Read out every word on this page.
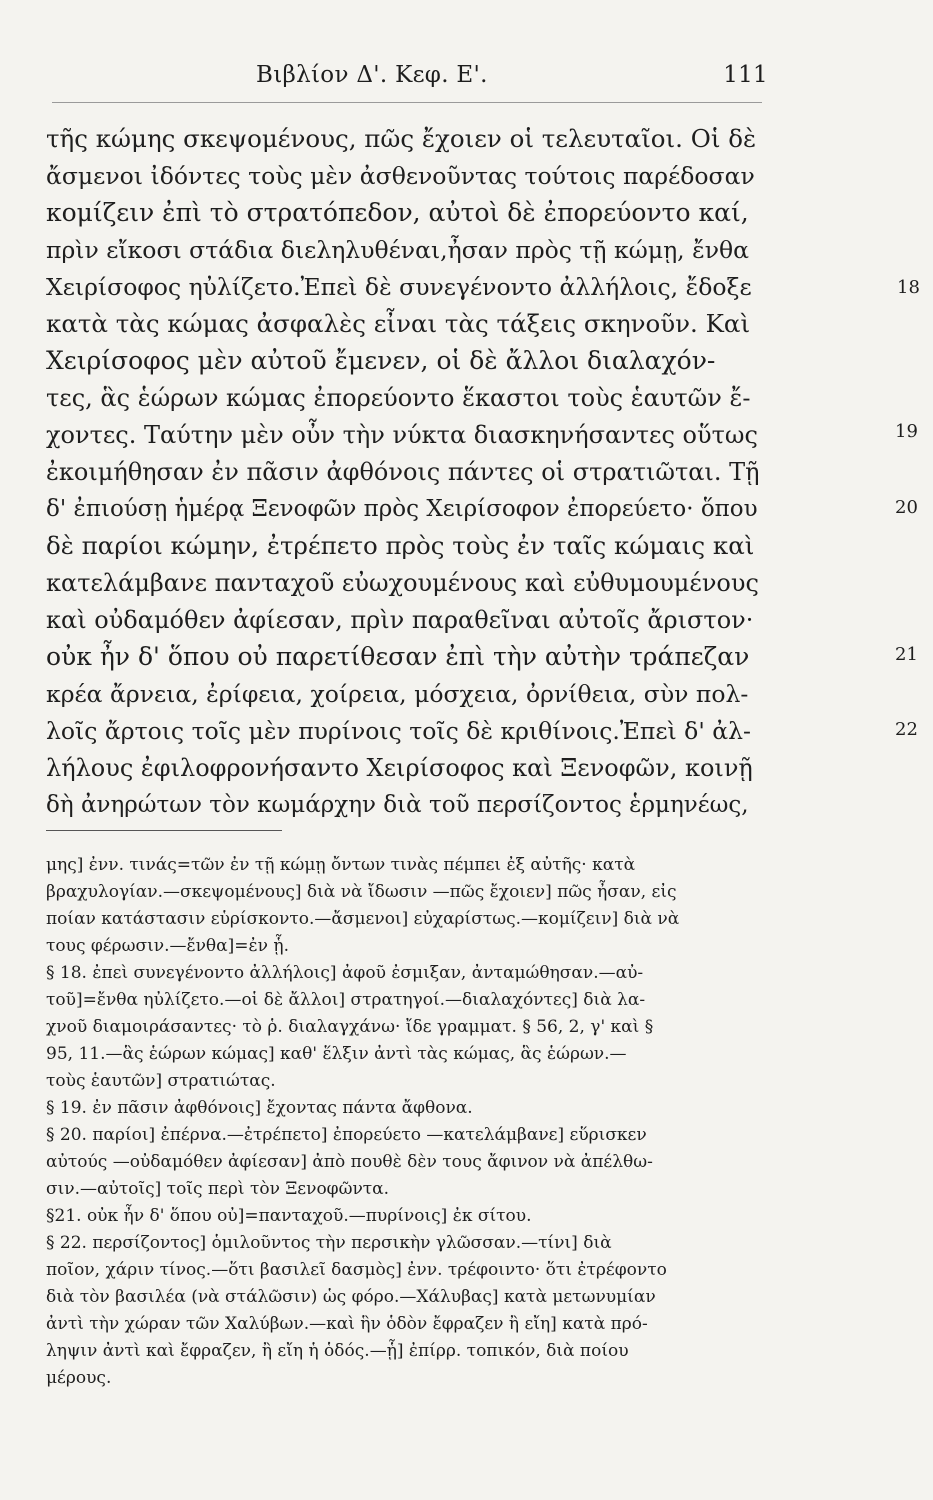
Βιβλίον Δ'. Κεφ. Ε'.	111
τῆς κώμης σκεψομένους, πῶς ἔχοιεν οἱ τελευταῖοι. Οἱ δὲ
ἄσμενοι ἰδόντες τοὺς μὲν ἀσθενοῦντας τούτοις παρέδοσαν
κομίζειν ἐπὶ τὸ στρατόπεδον, αὐτοὶ δὲ ἐπορεύοντο καί,
πρὶν εἴκοσι στάδια διεληλυθέναι,ἦσαν πρὸς τῇ κώμῃ, ἔνθα
Χειρίσοφος ηὐλίζετο.Ἐπεὶ δὲ συνεγένοντο ἀλλήλοις, ἔδοξε
κατὰ τὰς κώμας ἀσφαλὲς εἶναι τὰς τάξεις σκηνοῦν. Καὶ
Χειρίσοφος μὲν αὐτοῦ ἔμενεν, οἱ δὲ ἄλλοι διαλαχόν-
τες, ἃς ἑώρων κώμας ἐπορεύοντο ἕκαστοι τοὺς ἑαυτῶν ἔ-
χοντες. Ταύτην μὲν οὖν τὴν νύκτα διασκηνήσαντες οὕτως
ἐκοιμήθησαν ἐν πᾶσιν ἀφθόνοις πάντες οἱ στρατιῶται. Τῇ
δ' ἐπιούσῃ ἡμέρᾳ Ξενοφῶν πρὸς Χειρίσοφον ἐπορεύετο· ὅπου
δὲ παρίοι κώμην, ἐτρέπετο πρὸς τοὺς ἐν ταῖς κώμαις καὶ
κατελάμβανε πανταχοῦ εὐωχουμένους καὶ εὐθυμουμένους
καὶ οὐδαμόθεν ἀφίεσαν, πρὶν παραθεῖναι αὐτοῖς ἄριστον·
οὐκ ἦν δ' ὅπου οὐ παρετίθεσαν ἐπὶ τὴν αὐτὴν τράπεζαν
κρέα ἄρνεια, ἐρίφεια, χοίρεια, μόσχεια, ὀρνίθεια, σὺν πολ-
λοῖς ἄρτοις τοῖς μὲν πυρίνοις τοῖς δὲ κριθίνοις.Ἐπεὶ δ' ἀλ-
λήλους ἐφιλοφρονήσαντο Χειρίσοφος καὶ Ξενοφῶν, κοινῇ
δὴ ἀνηρώτων τὸν κωμάρχην διὰ τοῦ περσίζοντος ἑρμηνέως,
18
19
20
21
22
μης] ἐνν. τινάς=τῶν ἐν τῇ κώμῃ ὄντων τινὰς πέμπει ἐξ αὐτῆς· κατὰ
βραχυλογίαν.—σκεψομένους] διὰ νὰ ἴδωσιν —πῶς ἔχοιεν] πῶς ἦσαν, εἰς
ποίαν κατάστασιν εὑρίσκοντο.—ἄσμενοι] εὐχαρίστως.—κομίζειν] διὰ νὰ
τους φέρωσιν.—ἔνθα]=ἐν ᾗ.
§ 18. ἐπεὶ συνεγένοντο ἀλλήλοις] ἀφοῦ ἐσμιξαν, ἀνταμώθησαν.—αὐ-
τοῦ]=ἔνθα ηὐλίζετο.—οἱ δὲ ἄλλοι] στρατηγοί.—διαλαχόντες] διὰ λα-
χνοῦ διαμοιράσαντες· τὸ ῥ. διαλαγχάνω· ἴδε γραμματ. § 56, 2, γ' καὶ §
95, 11.—ἃς ἑώρων κώμας] καθ' ἕλξιν ἀντὶ τὰς κώμας, ἃς ἑώρων.—
τοὺς ἑαυτῶν] στρατιώτας.
§ 19. ἐν πᾶσιν ἀφθόνοις] ἔχοντας πάντα ἄφθονα.
§ 20. παρίοι] ἐπέρνα.—ἐτρέπετο] ἐπορεύετο —κατελάμβανε] εὕρισκεν
αὐτούς —οὐδαμόθεν ἀφίεσαν] ἀπὸ πουθὲ δὲν τους ἄφινον νὰ ἀπέλθω-
σιν.—αὐτοῖς] τοῖς περὶ τὸν Ξενοφῶντα.
§21. οὐκ ἦν δ' ὅπου οὐ]=πανταχοῦ.—πυρίνοις] ἐκ σίτου.
§ 22. περσίζοντος] ὁμιλοῦντος τὴν περσικὴν γλῶσσαν.—τίνι] διὰ
ποῖον, χάριν τίνος.—ὅτι βασιλεῖ δασμὸς] ἐνν. τρέφοιντο· ὅτι ἐτρέφοντο
διὰ τὸν βασιλέα (νὰ στάλῶσιν) ὡς φόρο.—Χάλυβας] κατὰ μετωνυμίαν
ἀντὶ τὴν χώραν τῶν Χαλύβων.—καὶ ἣν ὁδὸν ἔφραζεν ἢ εἴη] κατὰ πρό-
ληψιν ἀντὶ καὶ ἔφραζεν, ἢ εἴη ἡ ὁδός.—ᾗ] ἐπίρρ. τοπικόν, διὰ ποίου
μέρους.
